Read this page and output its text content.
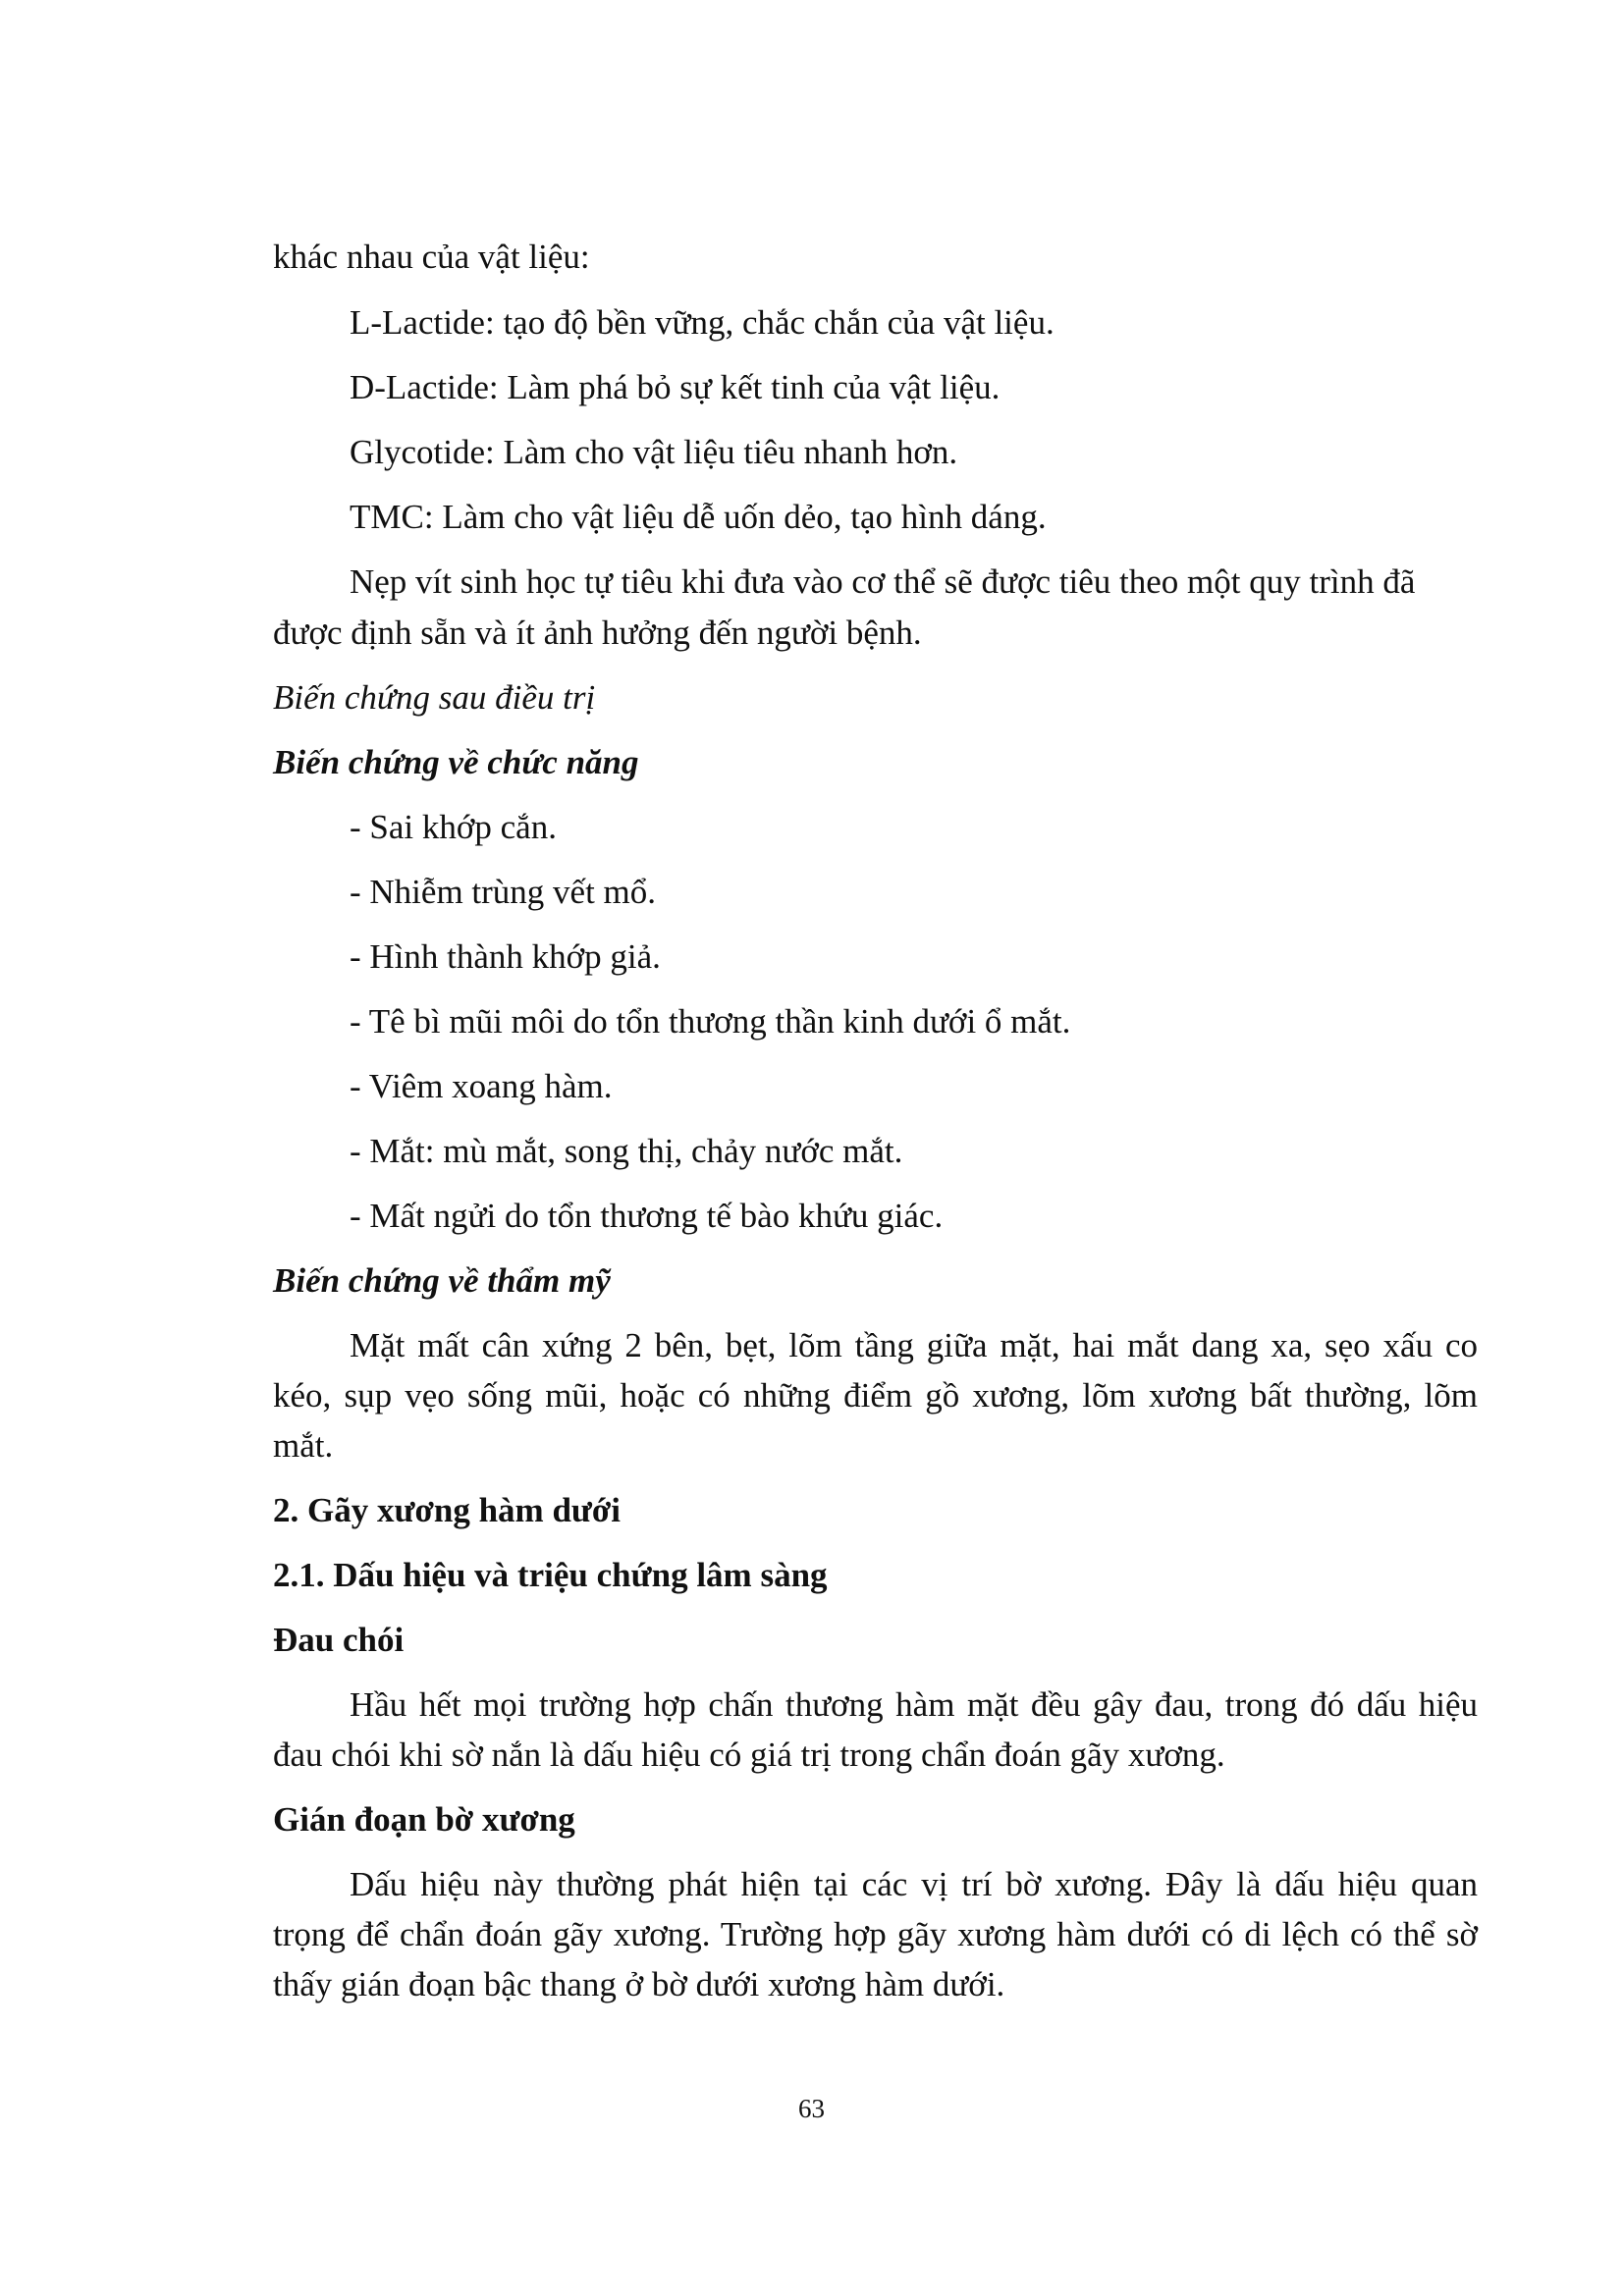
khác nhau của vật liệu:
L-Lactide: tạo độ bền vững, chắc chắn của vật liệu.
D-Lactide: Làm phá bỏ sự kết tinh của vật liệu.
Glycotide: Làm cho vật liệu tiêu nhanh hơn.
TMC: Làm cho vật liệu dễ uốn dẻo, tạo hình dáng.
Nẹp vít sinh học tự tiêu khi đưa vào cơ thể sẽ được tiêu theo một quy trình đã
được định sẵn và ít ảnh hưởng đến người bệnh.
Biến chứng sau điều trị
Biến chứng về chức năng
- Sai khớp cắn.
- Nhiễm trùng vết mổ.
- Hình thành khớp giả.
- Tê bì mũi môi do tổn thương thần kinh dưới ổ mắt.
- Viêm xoang hàm.
- Mắt: mù mắt, song thị, chảy nước mắt.
- Mất ngửi do tổn thương tế bào khứu giác.
Biến chứng về thẩm mỹ
Mặt mất cân xứng 2 bên, bẹt, lõm tầng giữa mặt, hai mắt dang xa, sẹo xấu co
kéo, sụp vẹo sống mũi, hoặc có những điểm gồ xương, lõm xương bất thường, lõm
mắt.
2. Gãy xương hàm dưới
2.1. Dấu hiệu và triệu chứng lâm sàng
Đau chói
Hầu hết mọi trường hợp chấn thương hàm mặt đều gây đau, trong đó dấu hiệu
đau chói khi sờ nắn là dấu hiệu có giá trị trong chẩn đoán gãy xương.
Gián đoạn bờ xương
Dấu hiệu này thường phát hiện tại các vị trí bờ xương. Đây là dấu hiệu quan
trọng để chẩn đoán gãy xương. Trường hợp gãy xương hàm dưới có di lệch có thể sờ
thấy gián đoạn bậc thang ở bờ dưới xương hàm dưới.
63
